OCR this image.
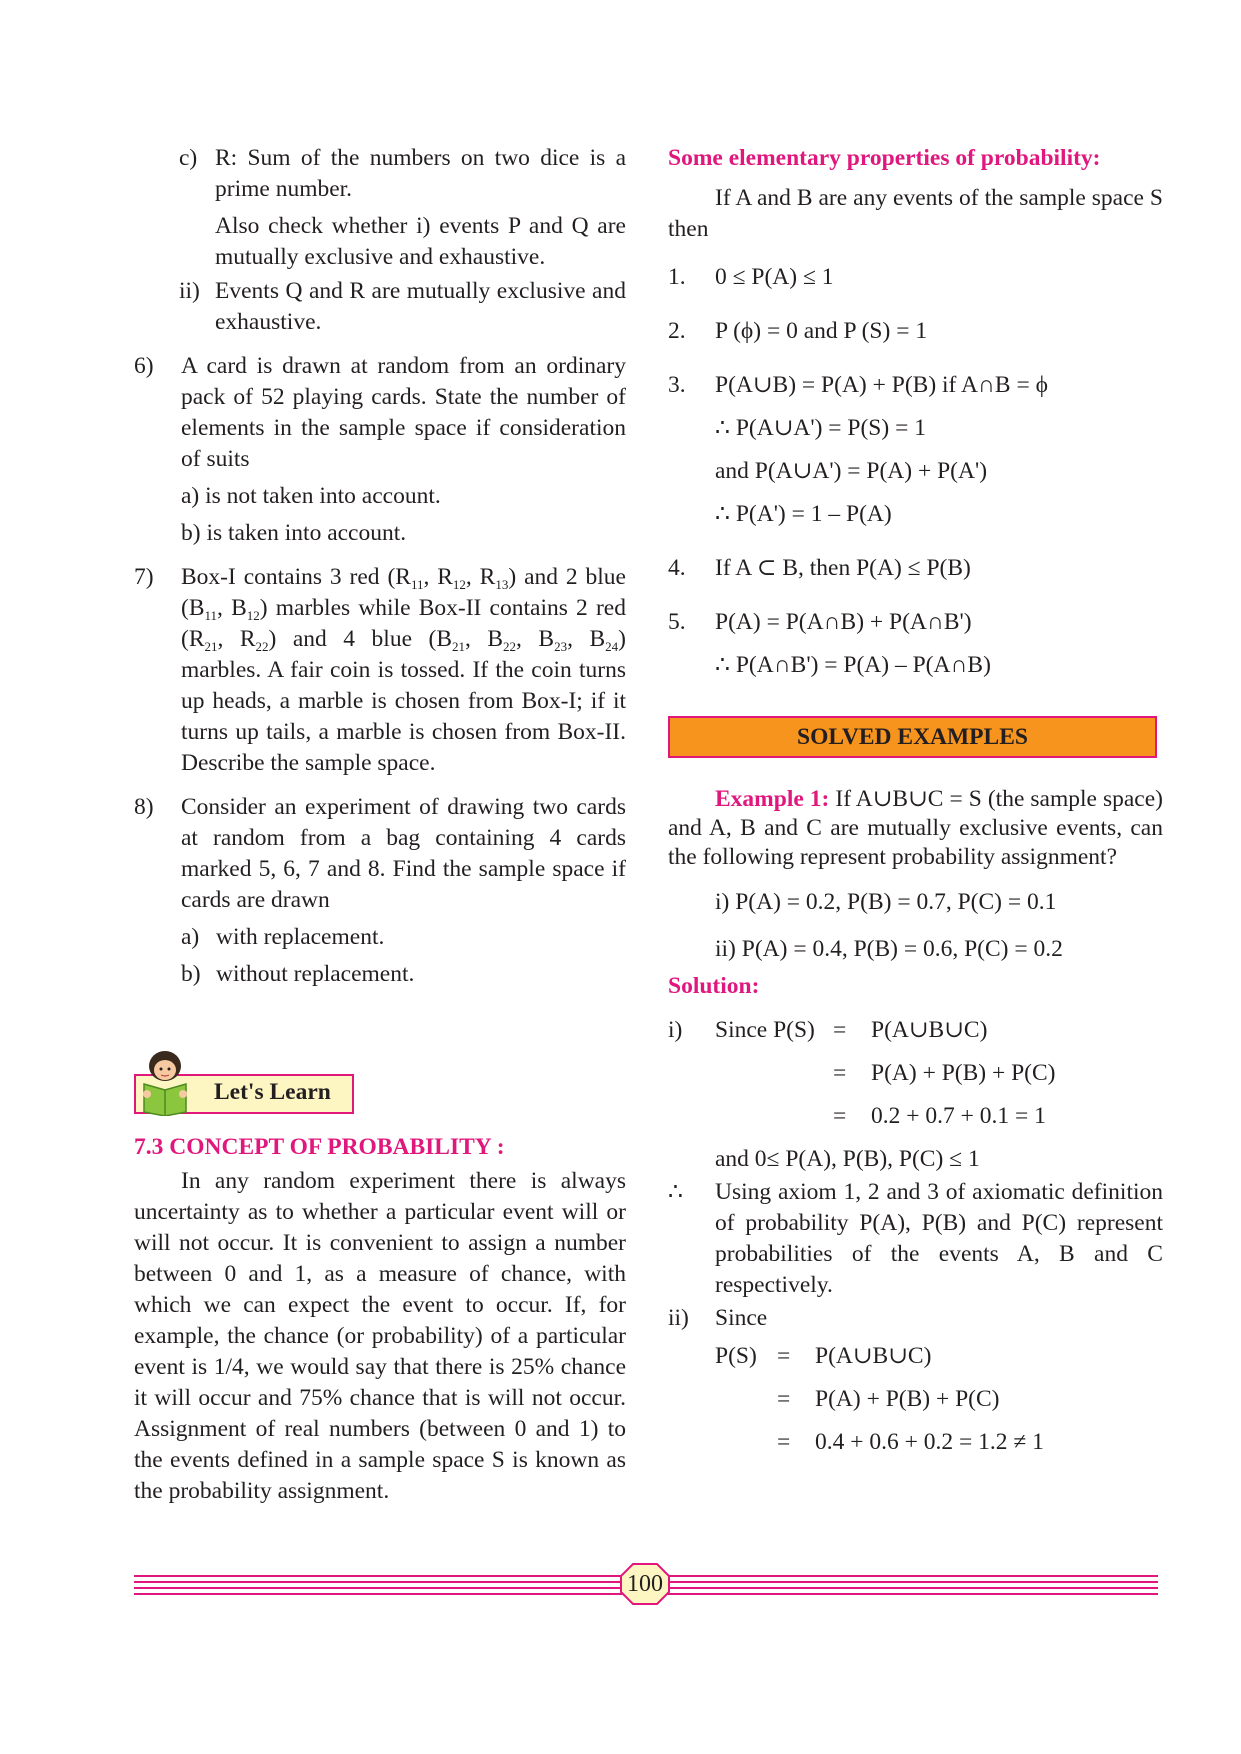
c) R: Sum of the numbers on two dice is a prime number.

Also check whether i) events P and Q are mutually exclusive and exhaustive.

ii) Events Q and R are mutually exclusive and exhaustive.

6)	A card is drawn at random from an ordinary pack of 52 playing cards. State the number of elements in the sample space if consideration of suits

a) is not taken into account.

b) is taken into account.

7)	Box-I contains 3 red ($R_{11}$, $R_{12}$, $R_{13}$) and 2 blue ($B_{11}$, $B_{12}$) marbles while Box-II contains 2 red ($R_{21}$, $R_{22}$) and 4 blue ($B_{21}$, $B_{22}$, $B_{23}$, $B_{24}$) marbles. A fair coin is tossed. If the coin turns up heads, a marble is chosen from Box-I; if it turns up tails, a marble is chosen from Box-II. Describe the sample space.

8)	Consider an experiment of drawing two cards at random from a bag containing 4 cards marked 5, 6, 7 and 8. Find the sample space if cards are drawn

a) with replacement.
b) without replacement.
Let's Learn

7.3 CONCEPT OF PROBABILITY :

In any random experiment there is always uncertainty as to whether a particular event will or will not occur. It is convenient to assign a number between 0 and 1, as a measure of chance, with which we can expect the event to occur. If, for example, the chance (or probability) of a particular event is 1/4, we would say that there is 25% chance it will occur and 75% chance that is will not occur. Assignment of real numbers (between 0 and 1) to the events defined in a sample space S is known as the probability assignment.

Some elementary properties of probability:

If A and B are any events of the sample space S then

1.	0 ≤ P(A) ≤ 1
2.	P (ϕ) = 0 and P (S) = 1
3.	P(A∪B) = P(A) + P(B) if A∩B = ϕ

∴ P(A∪A') = P(S) = 1

and P(A∪A') = P(A) + P(A')

∴ P(A') = 1 – P(A)

4.	If A ⊂ B, then P(A) ≤ P(B)
5.	P(A) = P(A∩B) + P(A∩B')

∴ P(A∩B') = P(A) – P(A∩B)

SOLVED EXAMPLES

Example 1: If A∪B∪C = S (the sample space) and A, B and C are mutually exclusive events, can the following represent probability assignment?

i) P(A) = 0.2, P(B) = 0.7, P(C) = 0.1

ii) P(A) = 0.4, P(B) = 0.6, P(C) = 0.2

Solution:

i)	Since P(S) =	P(A∪B∪C)
=	P(A) + P(B) + P(C)
=	0.2 + 0.7 + 0.1 = 1

and 0≤ P(A), P(B), P(C) ≤ 1

∴	Using axiom 1, 2 and 3 of axiomatic definition of probability P(A), P(B) and P(C) represent probabilities of the events A, B and C respectively.

ii)	Since

P(S) =	P(A∪B∪C)
=	P(A) + P(B) + P(C)
=	0.4 + 0.6 + 0.2 = 1.2 ≠ 1
100
